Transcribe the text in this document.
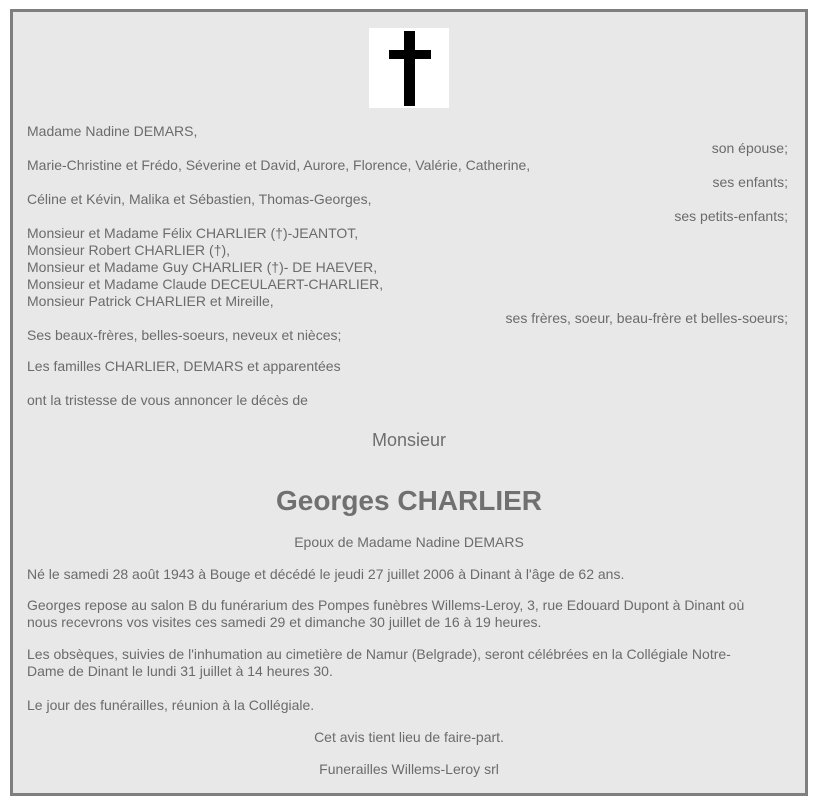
Madame Nadine DEMARS,
son épouse;
Marie-Christine et Frédo, Séverine et David, Aurore, Florence, Valérie, Catherine,
ses enfants;
Céline et Kévin, Malika et Sébastien, Thomas-Georges,
ses petits-enfants;
Monsieur et Madame Félix CHARLIER (†)-JEANTOT,
Monsieur Robert CHARLIER (†),
Monsieur et Madame Guy CHARLIER (†)- DE HAEVER,
Monsieur et Madame Claude DECEULAERT-CHARLIER,
Monsieur Patrick CHARLIER et Mireille,
ses frères, soeur, beau-frère et belles-soeurs;
Ses beaux-frères, belles-soeurs, neveux et nièces;
Les familles CHARLIER, DEMARS et apparentées
ont la tristesse de vous annoncer le décès de
Monsieur
Georges CHARLIER
Epoux de Madame Nadine DEMARS
Né le samedi 28 août 1943 à Bouge et décédé le jeudi 27 juillet 2006 à Dinant à l'âge de 62 ans.
Georges repose au salon B du funérarium des Pompes funèbres Willems-Leroy, 3, rue Edouard Dupont à Dinant où
nous recevrons vos visites ces samedi 29 et dimanche 30 juillet de 16 à 19 heures.
Les obsèques, suivies de l'inhumation au cimetière de Namur (Belgrade), seront célébrées en la Collégiale Notre-
Dame de Dinant le lundi 31 juillet à 14 heures 30.
Le jour des funérailles, réunion à la Collégiale.
Cet avis tient lieu de faire-part.
Funerailles Willems-Leroy srl
